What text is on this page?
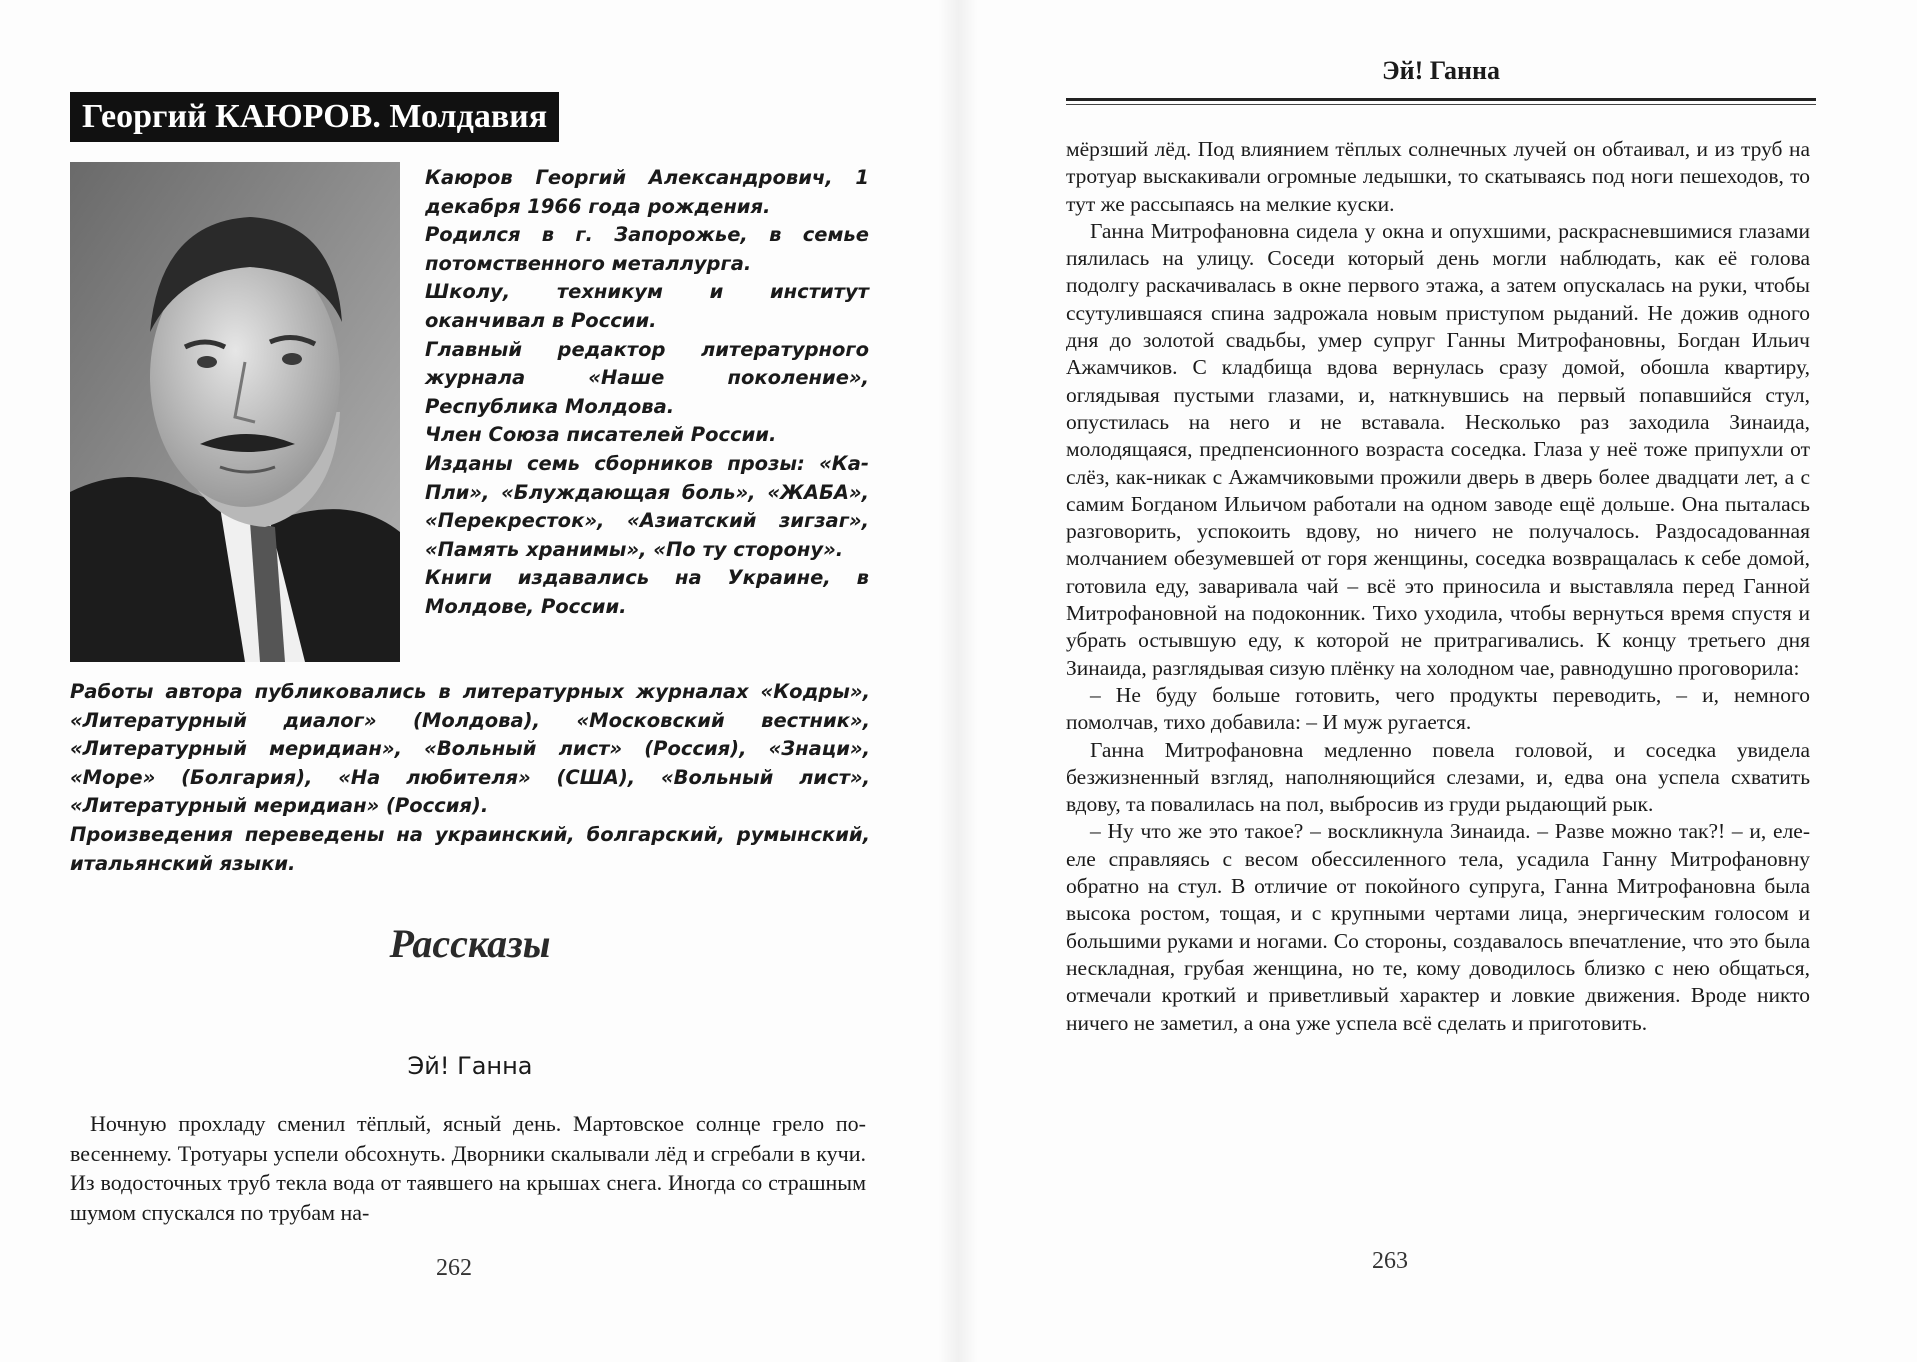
Георгий КАЮРОВ. Молдавия

Каюров Георгий Александрович, 1 декабря 1966 года рождения.

Родился в г. Запорожье, в семье потомственного металлурга.

Школу, техникум и институт оканчивал в России.

Главный редактор литературного журнала «Наше поколение», Республика Молдова.

Член Союза писателей России.

Изданы семь сборников прозы: «Ка-Пли», «Блуждающая боль», «ЖАБА», «Перекресток», «Азиатский зигзаг», «Память хранимы», «По ту сторону».

Книги издавались на Украине, в Молдове, России.

Работы автора публиковались в литературных журналах «Кодры», «Литературный диалог» (Молдова), «Московский вестник», «Литературный меридиан», «Вольный лист» (Россия), «Знаци», «Море» (Болгария), «На любителя» (США), «Вольный лист», «Литературный меридиан» (Россия).

Произведения переведены на украинский, болгарский, румынский, итальянский языки.

Рассказы
Эй! Ганна

Ночную прохладу сменил тёплый, ясный день. Мартовское солнце грело по-весеннему. Тротуары успели обсохнуть. Дворники скалывали лёд и сгребали в кучи. Из водосточных труб текла вода от таявшего на крышах снега. Иногда со страшным шумом спускался по трубам на-

262
Эй! Ганна

мёрзший лёд. Под влиянием тёплых солнечных лучей он обтаивал, и из труб на тротуар выскакивали огромные ледышки, то скатываясь под ноги пешеходов, то тут же рассыпаясь на мелкие куски.

Ганна Митрофановна сидела у окна и опухшими, раскрасневшимися глазами пялилась на улицу. Соседи который день могли наблюдать, как её голова подолгу раскачивалась в окне первого этажа, а затем опускалась на руки, чтобы ссутулившаяся спина задрожала новым приступом рыданий. Не дожив одного дня до золотой свадьбы, умер супруг Ганны Митрофановны, Богдан Ильич Ажамчиков. С кладбища вдова вернулась сразу домой, обошла квартиру, оглядывая пустыми глазами, и, наткнувшись на первый попавшийся стул, опустилась на него и не вставала. Несколько раз заходила Зинаида, молодящаяся, предпенсионного возраста соседка. Глаза у неё тоже припухли от слёз, как-никак с Ажамчиковыми прожили дверь в дверь более двадцати лет, а с самим Богданом Ильичом работали на одном заводе ещё дольше. Она пыталась разговорить, успокоить вдову, но ничего не получалось. Раздосадованная молчанием обезумевшей от горя женщины, соседка возвращалась к себе домой, готовила еду, заваривала чай – всё это приносила и выставляла перед Ганной Митрофановной на подоконник. Тихо уходила, чтобы вернуться время спустя и убрать остывшую еду, к которой не притрагивались. К концу третьего дня Зинаида, разглядывая сизую плёнку на холодном чае, равнодушно проговорила:

– Не буду больше готовить, чего продукты переводить, – и, немного помолчав, тихо добавила: – И муж ругается.

Ганна Митрофановна медленно повела головой, и соседка увидела безжизненный взгляд, наполняющийся слезами, и, едва она успела схватить вдову, та повалилась на пол, выбросив из груди рыдающий рык.

– Ну что же это такое? – воскликнула Зинаида. – Разве можно так?! – и, еле-еле справляясь с весом обессиленного тела, усадила Ганну Митрофановну обратно на стул. В отличие от покойного супруга, Ганна Митрофановна была высока ростом, тощая, и с крупными чертами лица, энергическим голосом и большими руками и ногами. Со стороны, создавалось впечатление, что это была нескладная, грубая женщина, но те, кому доводилось близко с нею общаться, отмечали кроткий и приветливый характер и ловкие движения. Вроде никто ничего не заметил, а она уже успела всё сделать и приготовить.

263
